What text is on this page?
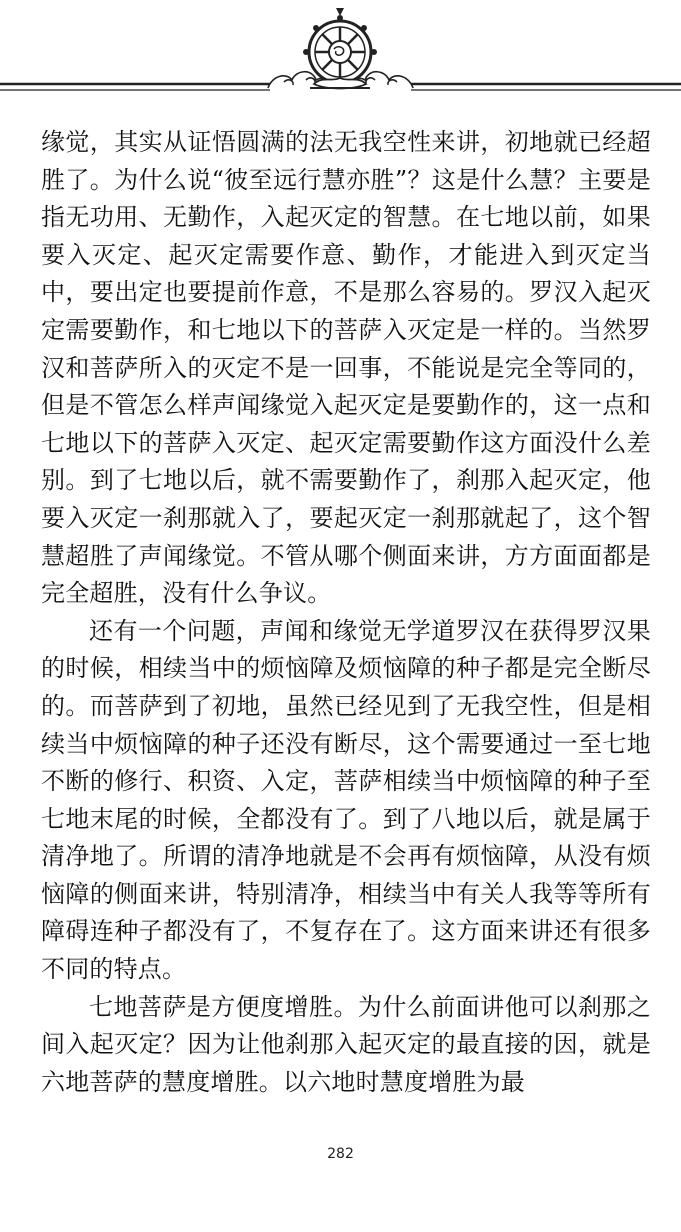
缘觉，其实从证悟圆满的法无我空性来讲，初地就已经超胜了。为什么说“彼至远行慧亦胜”？这是什么慧？主要是指无功用、无勤作，入起灭定的智慧。在七地以前，如果要入灭定、起灭定需要作意、勤作，才能进入到灭定当中，要出定也要提前作意，不是那么容易的。罗汉入起灭定需要勤作，和七地以下的菩萨入灭定是一样的。当然罗汉和菩萨所入的灭定不是一回事，不能说是完全等同的，但是不管怎么样声闻缘觉入起灭定是要勤作的，这一点和七地以下的菩萨入灭定、起灭定需要勤作这方面没什么差别。到了七地以后，就不需要勤作了，刹那入起灭定，他要入灭定一刹那就入了，要起灭定一刹那就起了，这个智慧超胜了声闻缘觉。不管从哪个侧面来讲，方方面面都是完全超胜，没有什么争议。

还有一个问题，声闻和缘觉无学道罗汉在获得罗汉果的时候，相续当中的烦恼障及烦恼障的种子都是完全断尽的。而菩萨到了初地，虽然已经见到了无我空性，但是相续当中烦恼障的种子还没有断尽，这个需要通过一至七地不断的修行、积资、入定，菩萨相续当中烦恼障的种子至七地末尾的时候，全都没有了。到了八地以后，就是属于清净地了。所谓的清净地就是不会再有烦恼障，从没有烦恼障的侧面来讲，特别清净，相续当中有关人我等等所有障碍连种子都没有了，不复存在了。这方面来讲还有很多不同的特点。

七地菩萨是方便度增胜。为什么前面讲他可以刹那之间入起灭定？因为让他刹那入起灭定的最直接的因，就是六地菩萨的慧度增胜。以六地时慧度增胜为最

282
